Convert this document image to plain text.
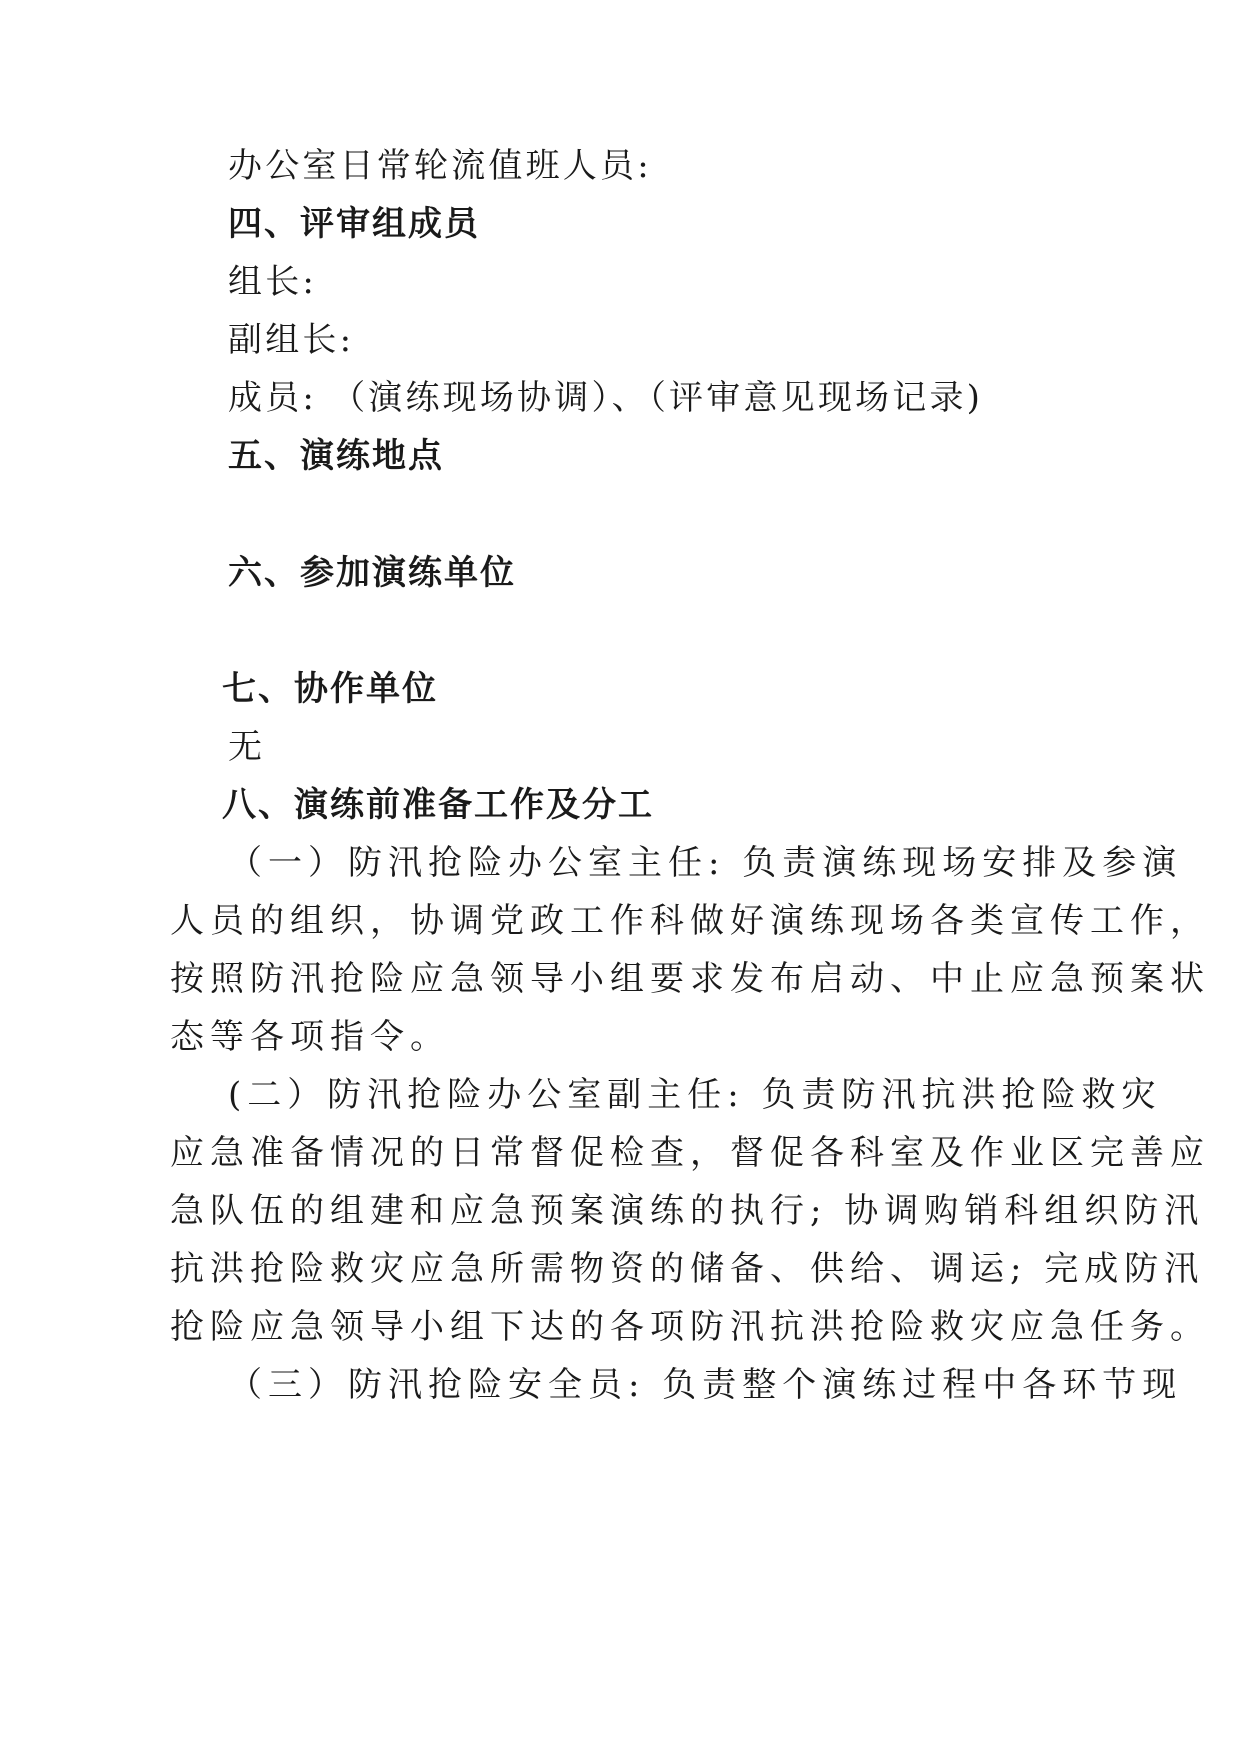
办公室日常轮流值班人员:
四、评审组成员
组长:
副组长:
成员: （演练现场协调）、（评审意见现场记录)
五、演练地点
六、参加演练单位
七、协作单位
无
八、演练前准备工作及分工
（一）防汛抢险办公室主任: 负责演练现场安排及参演
人员的组织，协调党政工作科做好演练现场各类宣传工作，
按照防汛抢险应急领导小组要求发布启动、中止应急预案状
态等各项指令。
(二）防汛抢险办公室副主任: 负责防汛抗洪抢险救灾
应急准备情况的日常督促检查，督促各科室及作业区完善应
急队伍的组建和应急预案演练的执行; 协调购销科组织防汛
抗洪抢险救灾应急所需物资的储备、供给、调运; 完成防汛
抢险应急领导小组下达的各项防汛抗洪抢险救灾应急任务。
（三）防汛抢险安全员: 负责整个演练过程中各环节现
